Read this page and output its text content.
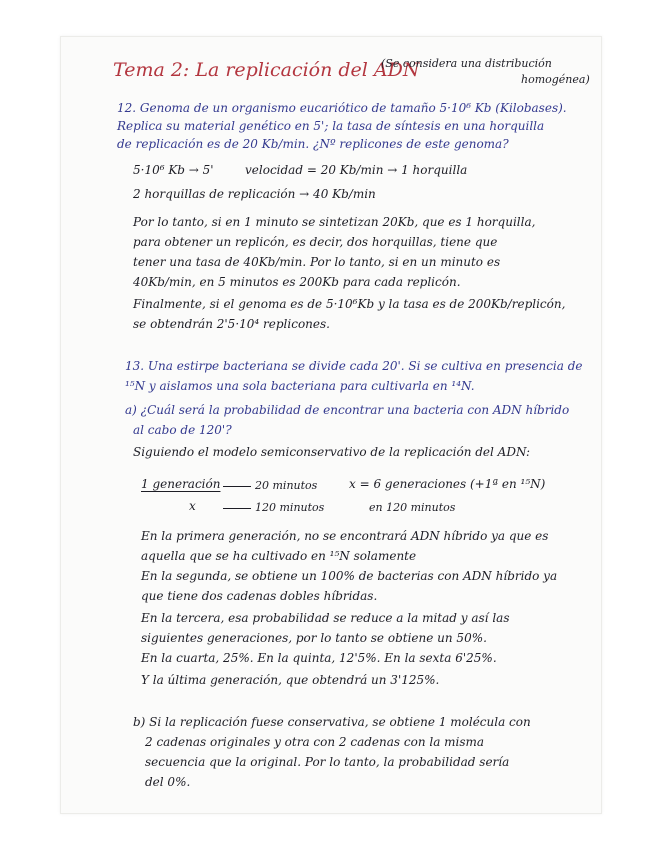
Tema 2: La replicación del ADN
(Se considera una distribución
homogénea)
12. Genoma de un organismo eucariótico de tamaño 5·10⁶ Kb (Kilobases).
Replica su material genético en 5'; la tasa de síntesis en una horquilla
de replicación es de 20 Kb/min. ¿Nº replicones de este genoma?
5·10⁶ Kb → 5'	velocidad = 20 Kb/min → 1 horquilla
2 horquillas de replicación → 40 Kb/min
Por lo tanto, si en 1 minuto se sintetizan 20Kb, que es 1 horquilla,
para obtener un replicón, es decir, dos horquillas, tiene que
tener una tasa de 40Kb/min. Por lo tanto, si en un minuto es
40Kb/min, en 5 minutos es 200Kb para cada replicón.
Finalmente, si el genoma es de 5·10⁶Kb y la tasa es de 200Kb/replicón,
se obtendrán 2'5·10⁴ replicones.
13. Una estirpe bacteriana se divide cada 20'. Si se cultiva en presencia de
¹⁵N y aislamos una sola bacteriana para cultivarla en ¹⁴N.
a) ¿Cuál será la probabilidad de encontrar una bacteria con ADN híbrido
al cabo de 120'?
Siguiendo el modelo semiconservativo de la replicación del ADN:
1 generación	20 minutos	x = 6 generaciones (+1ª en ¹⁵N)
x	120 minutos	en 120 minutos
En la primera generación, no se encontrará ADN híbrido ya que es
aquella que se ha cultivado en ¹⁵N solamente
En la segunda, se obtiene un 100% de bacterias con ADN híbrido ya
que tiene dos cadenas dobles híbridas.
En la tercera, esa probabilidad se reduce a la mitad y así las
siguientes generaciones, por lo tanto se obtiene un 50%.
En la cuarta, 25%. En la quinta, 12'5%. En la sexta 6'25%.
Y la última generación, que obtendrá un 3'125%.
b) Si la replicación fuese conservativa, se obtiene 1 molécula con
2 cadenas originales y otra con 2 cadenas con la misma
secuencia que la original. Por lo tanto, la probabilidad sería
del 0%.
